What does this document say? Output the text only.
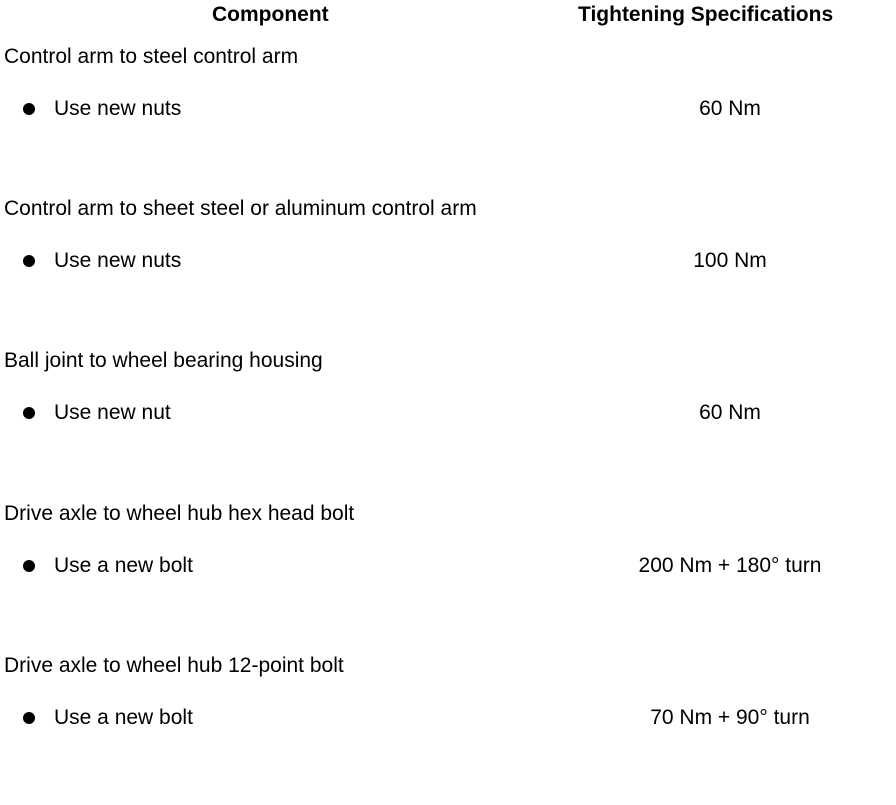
Component	Tightening Specifications
Control arm to steel control arm
Use new nuts	60 Nm
Control arm to sheet steel or aluminum control arm
Use new nuts	100 Nm
Ball joint to wheel bearing housing
Use new nut	60 Nm
Drive axle to wheel hub hex head bolt
Use a new bolt	200 Nm + 180° turn
Drive axle to wheel hub 12-point bolt
Use a new bolt	70 Nm + 90° turn
